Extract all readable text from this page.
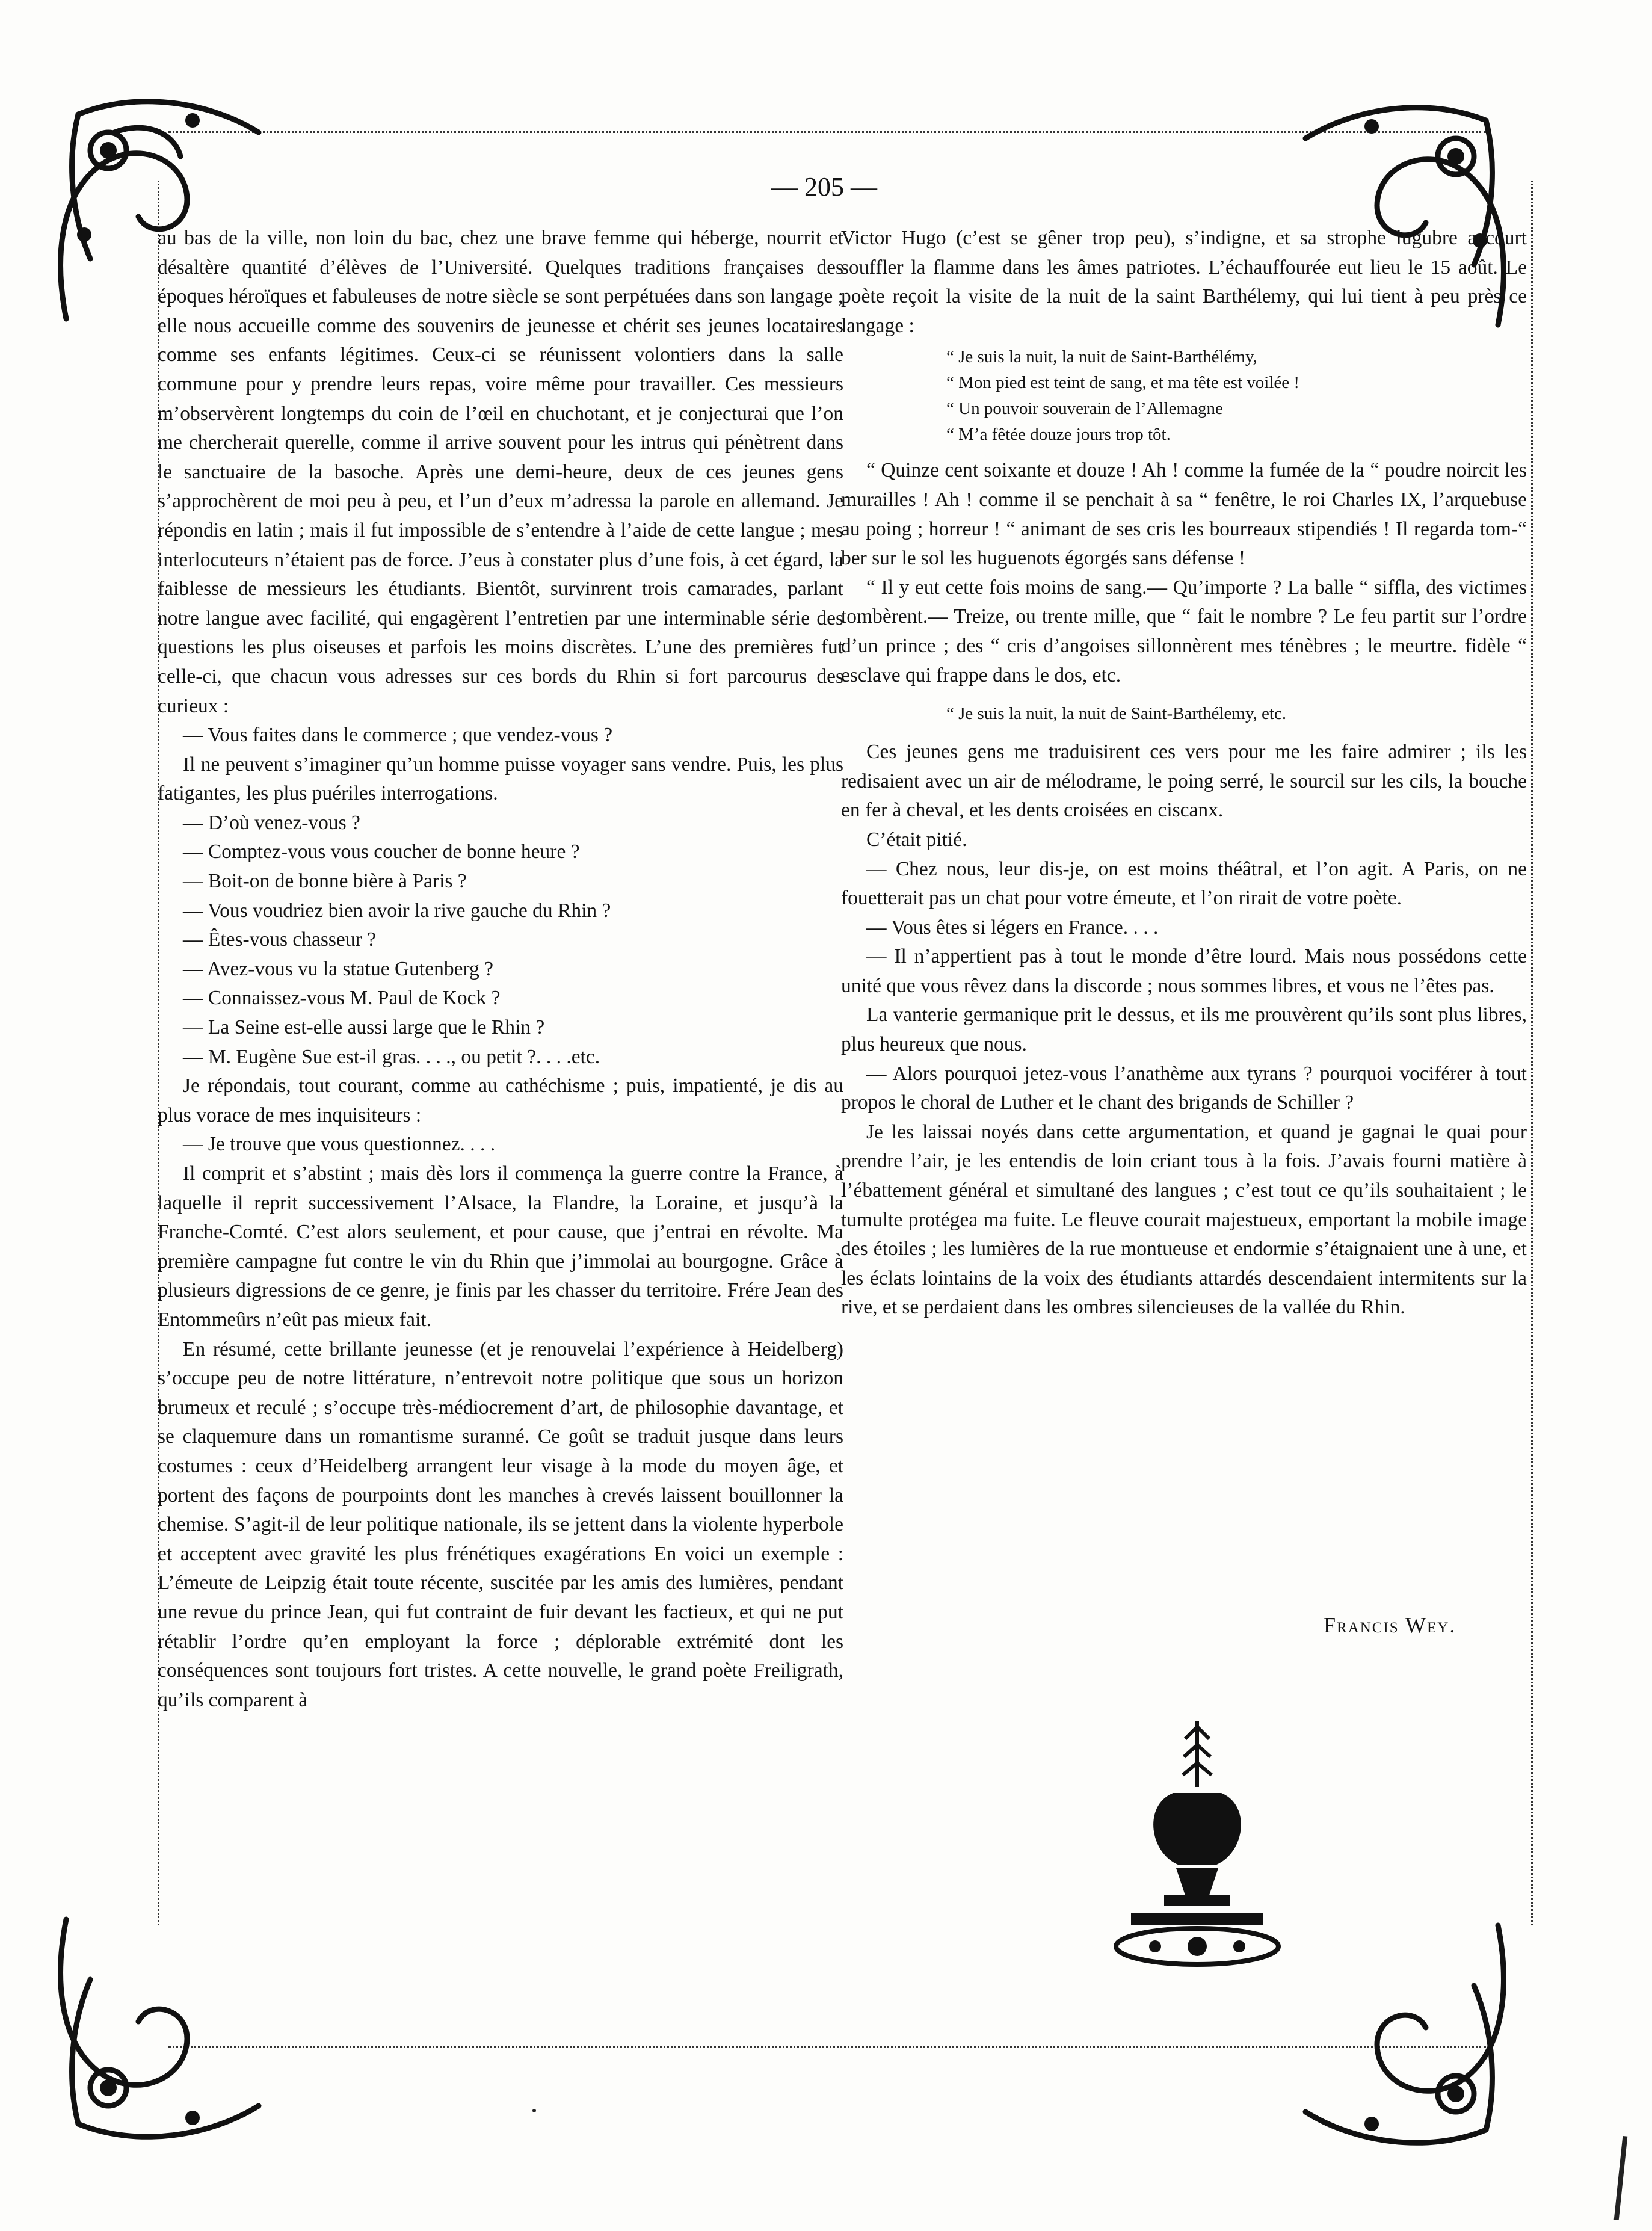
— 205 —

au bas de la ville, non loin du bac, chez une brave femme qui héberge, nourrit et désaltère quantité d’élèves de l’Université. Quelques traditions françaises des époques héroïques et fabuleuses de notre siècle se sont perpétuées dans son langage ; elle nous accueille comme des souvenirs de jeunesse et chérit ses jeunes locataires comme ses enfants légitimes. Ceux-ci se réunissent volontiers dans la salle commune pour y prendre leurs repas, voire même pour travailler. Ces messieurs m’observèrent longtemps du coin de l’œil en chuchotant, et je conjecturai que l’on me chercherait querelle, comme il arrive souvent pour les intrus qui pénètrent dans le sanctuaire de la basoche. Après une demi-heure, deux de ces jeunes gens s’approchèrent de moi peu à peu, et l’un d’eux m’adressa la parole en allemand. Je répondis en latin ; mais il fut impossible de s’entendre à l’aide de cette langue ; mes interlocuteurs n’étaient pas de force. J’eus à constater plus d’une fois, à cet égard, la faiblesse de messieurs les étudiants. Bientôt, survinrent trois camarades, parlant notre langue avec facilité, qui engagèrent l’entretien par une interminable série des questions les plus oiseuses et parfois les moins discrètes. L’une des premières fut celle-ci, que chacun vous adresses sur ces bords du Rhin si fort parcourus des curieux :

— Vous faites dans le commerce ; que vendez-vous ?

Il ne peuvent s’imaginer qu’un homme puisse voyager sans vendre. Puis, les plus fatigantes, les plus puériles interrogations.

— D’où venez-vous ?

— Comptez-vous vous coucher de bonne heure ?

— Boit-on de bonne bière à Paris ?

— Vous voudriez bien avoir la rive gauche du Rhin ?

— Êtes-vous chasseur ?

— Avez-vous vu la statue Gutenberg ?

— Connaissez-vous M. Paul de Kock ?

— La Seine est-elle aussi large que le Rhin ?

— M. Eugène Sue est-il gras. . . ., ou petit ?. . . .etc.

Je répondais, tout courant, comme au cathéchisme ; puis, impatienté, je dis au plus vorace de mes inquisiteurs :

— Je trouve que vous questionnez. . . .

Il comprit et s’abstint ; mais dès lors il commença la guerre contre la France, à laquelle il reprit successivement l’Alsace, la Flandre, la Loraine, et jusqu’à la Franche-Comté. C’est alors seulement, et pour cause, que j’entrai en révolte. Ma première campagne fut contre le vin du Rhin que j’immolai au bourgogne. Grâce à plusieurs digressions de ce genre, je finis par les chasser du territoire. Frére Jean des Entommeûrs n’eût pas mieux fait.

En résumé, cette brillante jeunesse (et je renouvelai l’expérience à Heidelberg) s’occupe peu de notre littérature, n’entrevoit notre politique que sous un horizon brumeux et reculé ; s’occupe très-médiocrement d’art, de philosophie davantage, et se claquemure dans un romantisme suranné. Ce goût se traduit jusque dans leurs costumes : ceux d’Heidelberg arrangent leur visage à la mode du moyen âge, et portent des façons de pourpoints dont les manches à crevés laissent bouillonner la chemise. S’agit-il de leur politique nationale, ils se jettent dans la violente hyperbole et acceptent avec gravité les plus frénétiques exagérations En voici un exemple : L’émeute de Leipzig était toute récente, suscitée par les amis des lumières, pendant une revue du prince Jean, qui fut contraint de fuir devant les factieux, et qui ne put rétablir l’ordre qu’en employant la force ; déplorable extrémité dont les conséquences sont toujours fort tristes. A cette nouvelle, le grand poète Freiligrath, qu’ils comparent à

Victor Hugo (c’est se gêner trop peu), s’indigne, et sa strophe lugubre accourt souffler la flamme dans les âmes patriotes. L’échauffourée eut lieu le 15 août. Le poète reçoit la visite de la nuit de la saint Barthélemy, qui lui tient à peu près ce langage :

“ Je suis la nuit, la nuit de Saint-Barthélémy,

“ Mon pied est teint de sang, et ma tête est voilée !

“ Un pouvoir souverain de l’Allemagne

“ M’a fêtée douze jours trop tôt.

“ Quinze cent soixante et douze ! Ah ! comme la fumée de la “ poudre noircit les murailles ! Ah ! comme il se penchait à sa “ fenêtre, le roi Charles IX, l’arquebuse au poing ; horreur ! “ animant de ses cris les bourreaux stipendiés ! Il regarda tom-“ ber sur le sol les huguenots égorgés sans défense !

“ Il y eut cette fois moins de sang.— Qu’importe ? La balle “ siffla, des victimes tombèrent.— Treize, ou trente mille, que “ fait le nombre ? Le feu partit sur l’ordre d’un prince ; des “ cris d’angoises sillonnèrent mes ténèbres ; le meurtre. fidèle “ esclave qui frappe dans le dos, etc.

“ Je suis la nuit, la nuit de Saint-Barthélemy, etc.

Ces jeunes gens me traduisirent ces vers pour me les faire admirer ; ils les redisaient avec un air de mélodrame, le poing serré, le sourcil sur les cils, la bouche en fer à cheval, et les dents croisées en ciscanx.

C’était pitié.

— Chez nous, leur dis-je, on est moins théâtral, et l’on agit. A Paris, on ne fouetterait pas un chat pour votre émeute, et l’on rirait de votre poète.

— Vous êtes si légers en France. . . .

— Il n’appertient pas à tout le monde d’être lourd. Mais nous possédons cette unité que vous rêvez dans la discorde ; nous sommes libres, et vous ne l’êtes pas.

La vanterie germanique prit le dessus, et ils me prouvèrent qu’ils sont plus libres, plus heureux que nous.

— Alors pourquoi jetez-vous l’anathème aux tyrans ? pourquoi vociférer à tout propos le choral de Luther et le chant des brigands de Schiller ?

Je les laissai noyés dans cette argumentation, et quand je gagnai le quai pour prendre l’air, je les entendis de loin criant tous à la fois. J’avais fourni matière à l’ébattement général et simultané des langues ; c’est tout ce qu’ils souhaitaient ; le tumulte protégea ma fuite. Le fleuve courait majestueux, emportant la mobile image des étoiles ; les lumières de la rue montueuse et endormie s’étaignaient une à une, et les éclats lointains de la voix des étudiants attardés descendaient intermitents sur la rive, et se perdaient dans les ombres silencieuses de la vallée du Rhin.

Francis Wey.
